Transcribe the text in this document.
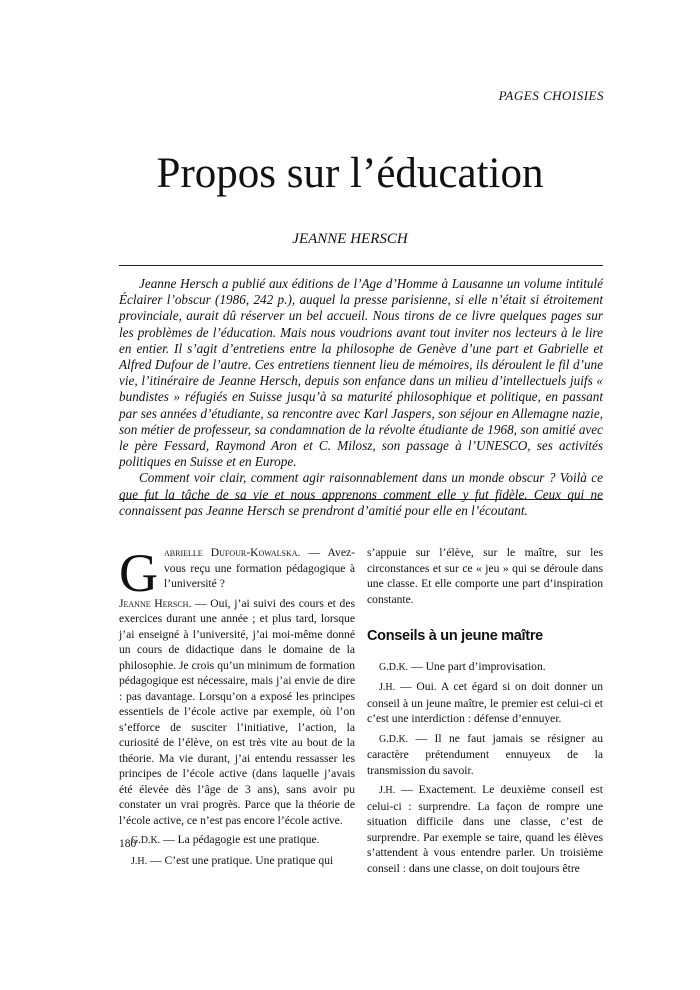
PAGES CHOISIES
Propos sur l’éducation
JEANNE HERSCH

Jeanne Hersch a publié aux éditions de l’Age d’Homme à Lausanne un volume intitulé Éclairer l’obscur (1986, 242 p.), auquel la presse parisienne, si elle n’était si étroitement provinciale, aurait dû réserver un bel accueil. Nous tirons de ce livre quelques pages sur les problèmes de l’éducation. Mais nous voudrions avant tout inviter nos lecteurs à le lire en entier. Il s’agit d’entretiens entre la philosophe de Genève d’une part et Gabrielle et Alfred Dufour de l’autre. Ces entretiens tiennent lieu de mémoires, ils déroulent le fil d’une vie, l’itinéraire de Jeanne Hersch, depuis son enfance dans un milieu d’intellectuels juifs « bundistes » réfugiés en Suisse jusqu’à sa maturité philosophique et politique, en passant par ses années d’étudiante, sa rencontre avec Karl Jaspers, son séjour en Allemagne nazie, son métier de professeur, sa condamnation de la révolte étudiante de 1968, son amitié avec le père Fessard, Raymond Aron et C. Milosz, son passage à l’UNESCO, ses activités politiques en Suisse et en Europe.

Comment voir clair, comment agir raisonnablement dans un monde obscur ? Voilà ce que fut la tâche de sa vie et nous apprenons comment elle y fut fidèle. Ceux qui ne connaissent pas Jeanne Hersch se prendront d’amitié pour elle en l’écoutant.

Gabrielle Dufour-Kowalska. — Avez-vous reçu une formation pédagogique à l’université ?

Jeanne Hersch. — Oui, j’ai suivi des cours et des exercices durant une année ; et plus tard, lorsque j’ai enseigné à l’université, j’ai moi-même donné un cours de didactique dans le domaine de la philosophie. Je crois qu’un minimum de formation pédagogique est nécessaire, mais j’ai envie de dire : pas davantage. Lorsqu’on a exposé les principes essentiels de l’école active par exemple, où l’on s’efforce de susciter l’initiative, l’action, la curiosité de l’élève, on est très vite au bout de la théorie. Ma vie durant, j’ai entendu ressasser les principes de l’école active (dans laquelle j’avais été élevée dès l’âge de 3 ans), sans avoir pu constater un vrai progrès. Parce que la théorie de l’école active, ce n’est pas encore l’école active.

G.D.K. — La pédagogie est une pratique.

J.H. — C’est une pratique. Une pratique qui

s’appuie sur l’élève, sur le maître, sur les circonstances et sur ce « jeu » qui se déroule dans une classe. Et elle comporte une part d’inspiration constante.

Conseils à un jeune maître

G.D.K. — Une part d’improvisation.

J.H. — Oui. A cet égard si on doit donner un conseil à un jeune maître, le premier est celui-ci et c’est une interdiction : défense d’ennuyer.

G.D.K. — Il ne faut jamais se résigner au caractère prétendument ennuyeux de la transmission du savoir.

J.H. — Exactement. Le deuxième conseil est celui-ci : surprendre. La façon de rompre une situation difficile dans une classe, c’est de surprendre. Par exemple se taire, quand les élèves s’attendent à vous entendre parler. Un troisième conseil : dans une classe, on doit toujours être

180
